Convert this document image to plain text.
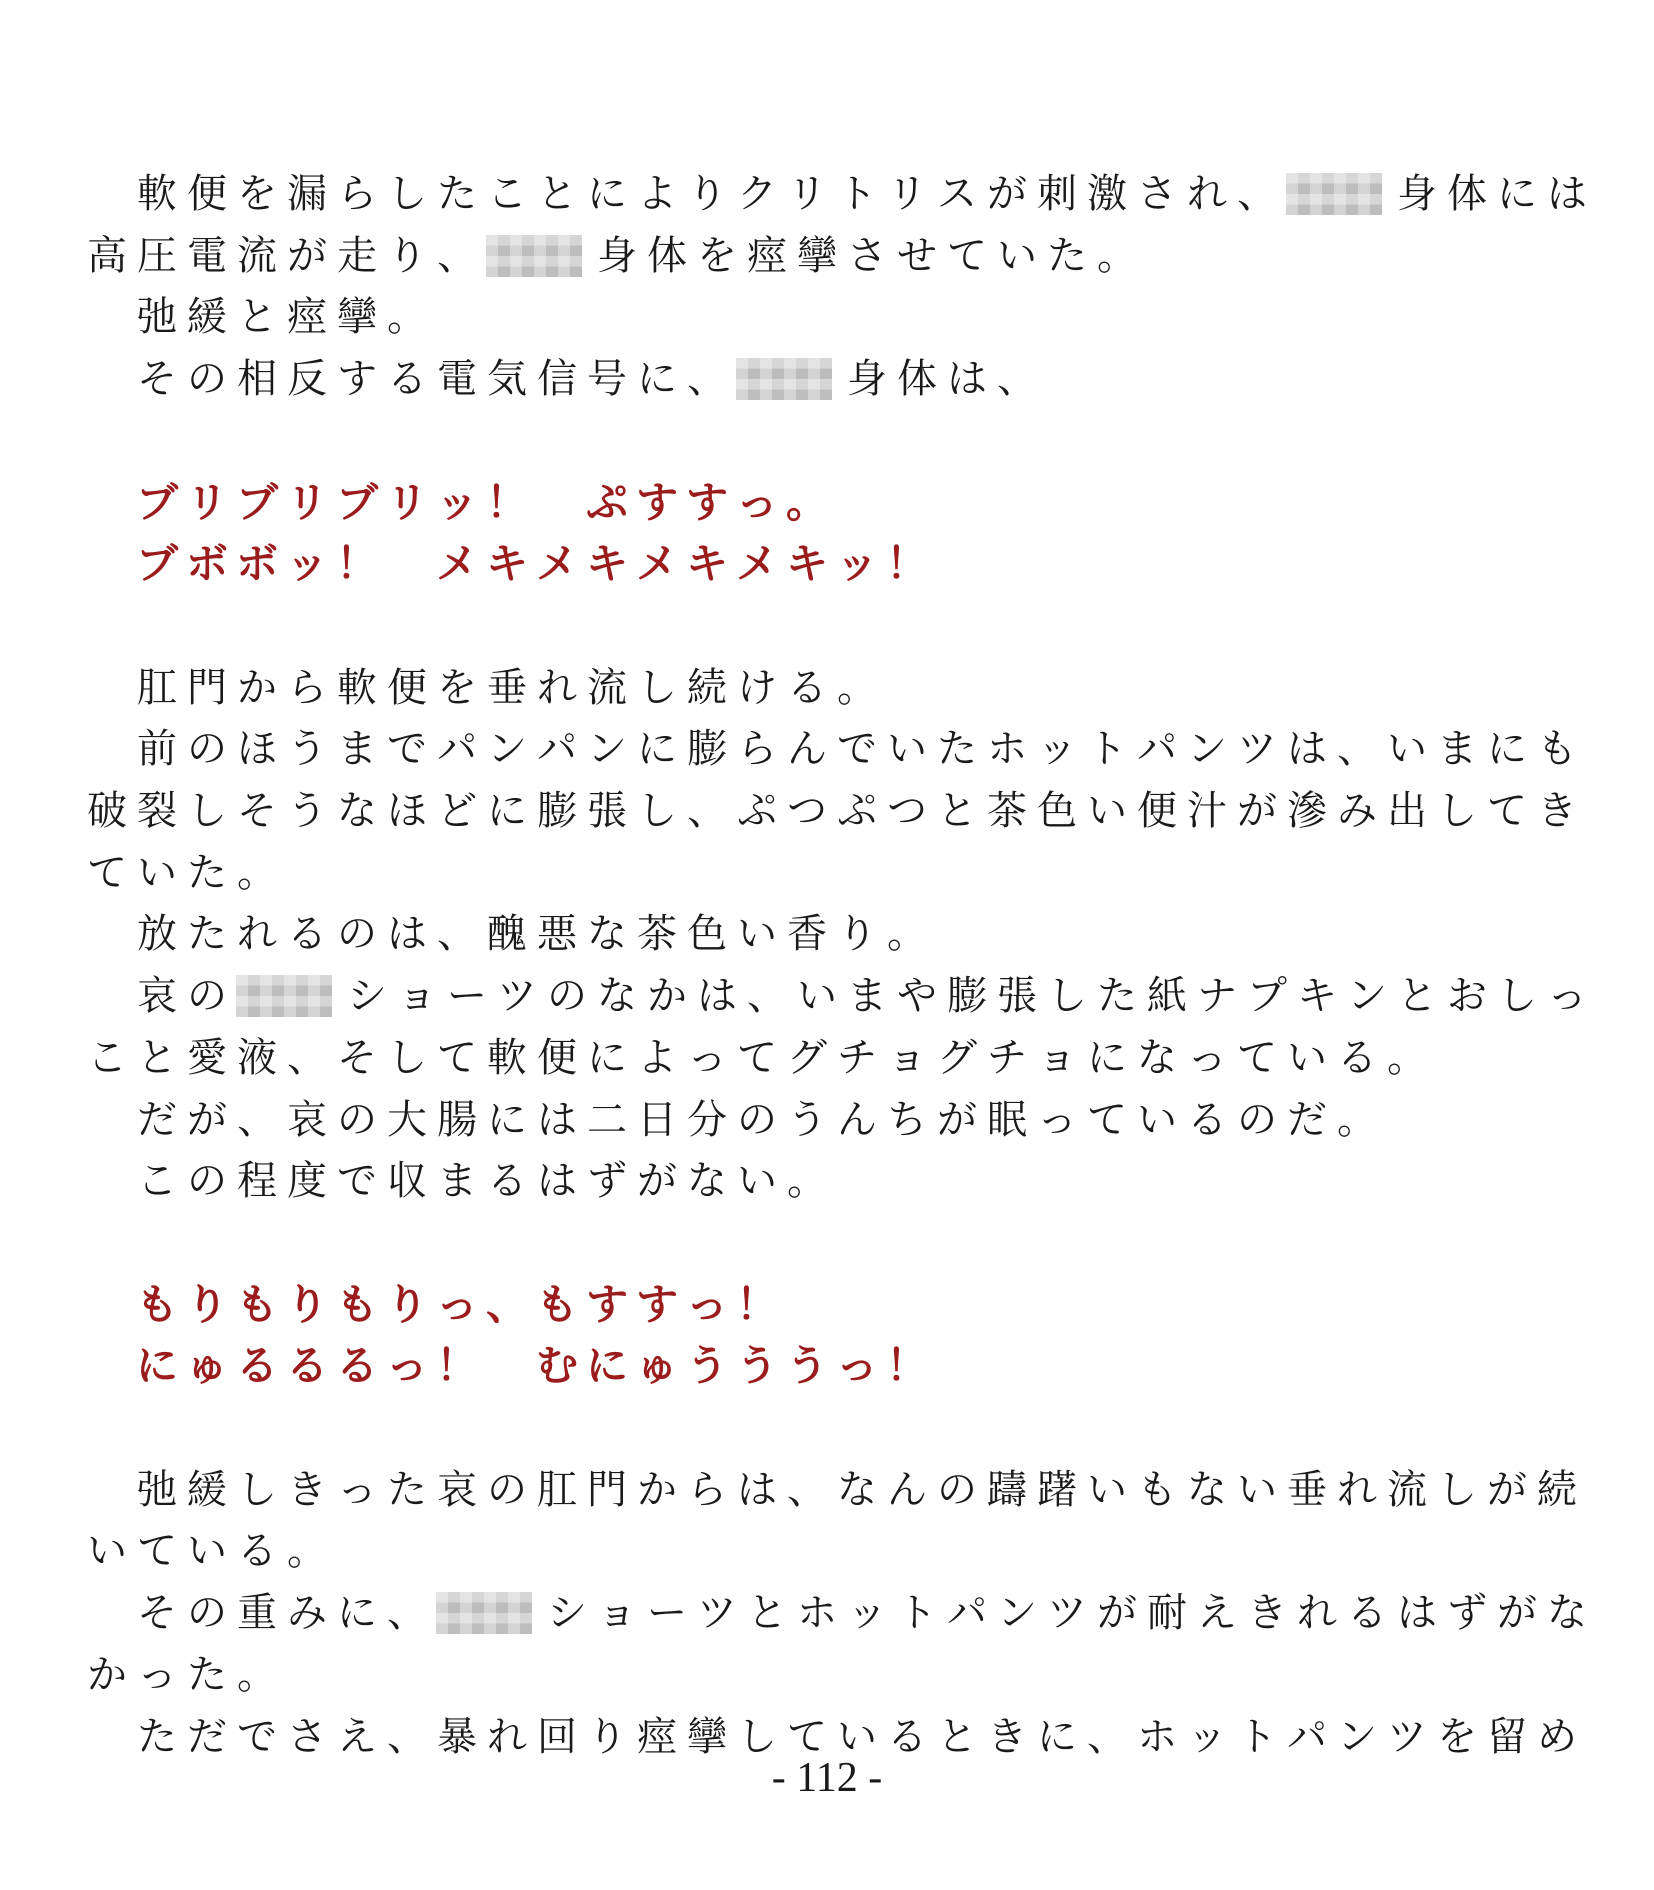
　軟 便 を 漏 ら し た こ と に よ り ク リ ト リ ス が 刺 激 さ れ 、	身 体 に は
高 圧 電 流 が 走 り 、	身 体 を 痙 攣 さ せ て い た 。
　弛 緩 と 痙 攣 。
　そ の 相 反 す る 電 気 信 号 に 、	身 体 は 、
　ブ リ ブ リ ブ リ ッ ！　 ぷ す す っ 。
　ブ ボ ボ ッ ！　 メ キ メ キ メ キ メ キ ッ ！
　肛 門 か ら 軟 便 を 垂 れ 流 し 続 け る 。
　前 の ほ う ま で パ ン パ ン に 膨 ら ん で い た ホ ッ ト パ ン ツ は 、 い ま に も
破 裂 し そ う な ほ ど に 膨 張 し 、 ぷ つ ぷ つ と 茶 色 い 便 汁 が 滲 み 出 し て き
て い た 。
　放 た れ る の は 、 醜 悪 な 茶 色 い 香 り 。
　哀 の	シ ョ ー ツ の な か は 、 い ま や 膨 張 し た 紙 ナ プ キ ン と お し っ
こ と 愛 液 、 そ し て 軟 便 に よ っ て グ チ ョ グ チ ョ に な っ て い る 。
　だ が 、 哀 の 大 腸 に は 二 日 分 の う ん ち が 眠 っ て い る の だ 。
　こ の 程 度 で 収 ま る は ず が な い 。
　も り も り も り っ 、 も す す っ ！
　に ゅ る る る っ ！　 む に ゅ う う う っ ！
　弛 緩 し き っ た 哀 の 肛 門 か ら は 、 な ん の 躊 躇 い も な い 垂 れ 流 し が 続
い て い る 。
　そ の 重 み に 、	シ ョ ー ツ と ホ ッ ト パ ン ツ が 耐 え き れ る は ず が な
か っ た 。
　た だ で さ え 、 暴 れ 回 り 痙 攣 し て い る と き に 、 ホ ッ ト パ ン ツ を 留 め
- 112 -
